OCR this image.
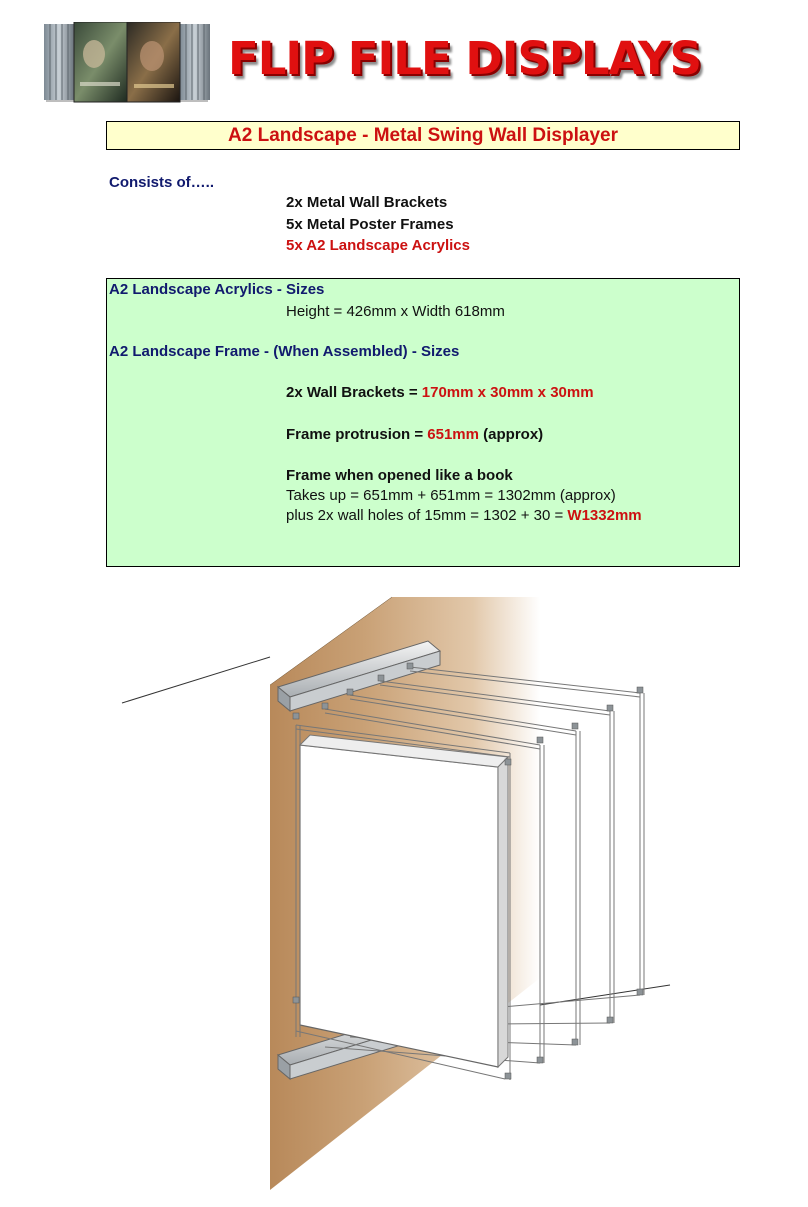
FLIP FILE DISPLAYS
A2 Landscape - Metal Swing Wall Displayer
Consists of…..
2x Metal Wall Brackets
5x Metal Poster Frames
5x A2 Landscape Acrylics
A2 Landscape Acrylics - Sizes
Height = 426mm x Width 618mm
A2 Landscape Frame - (When Assembled) - Sizes
2x Wall Brackets = 170mm x 30mm x 30mm
Frame protrusion = 651mm (approx)
Frame when opened like a book
Takes up = 651mm + 651mm = 1302mm (approx)
plus 2x wall holes of 15mm = 1302 + 30 = W1332mm
